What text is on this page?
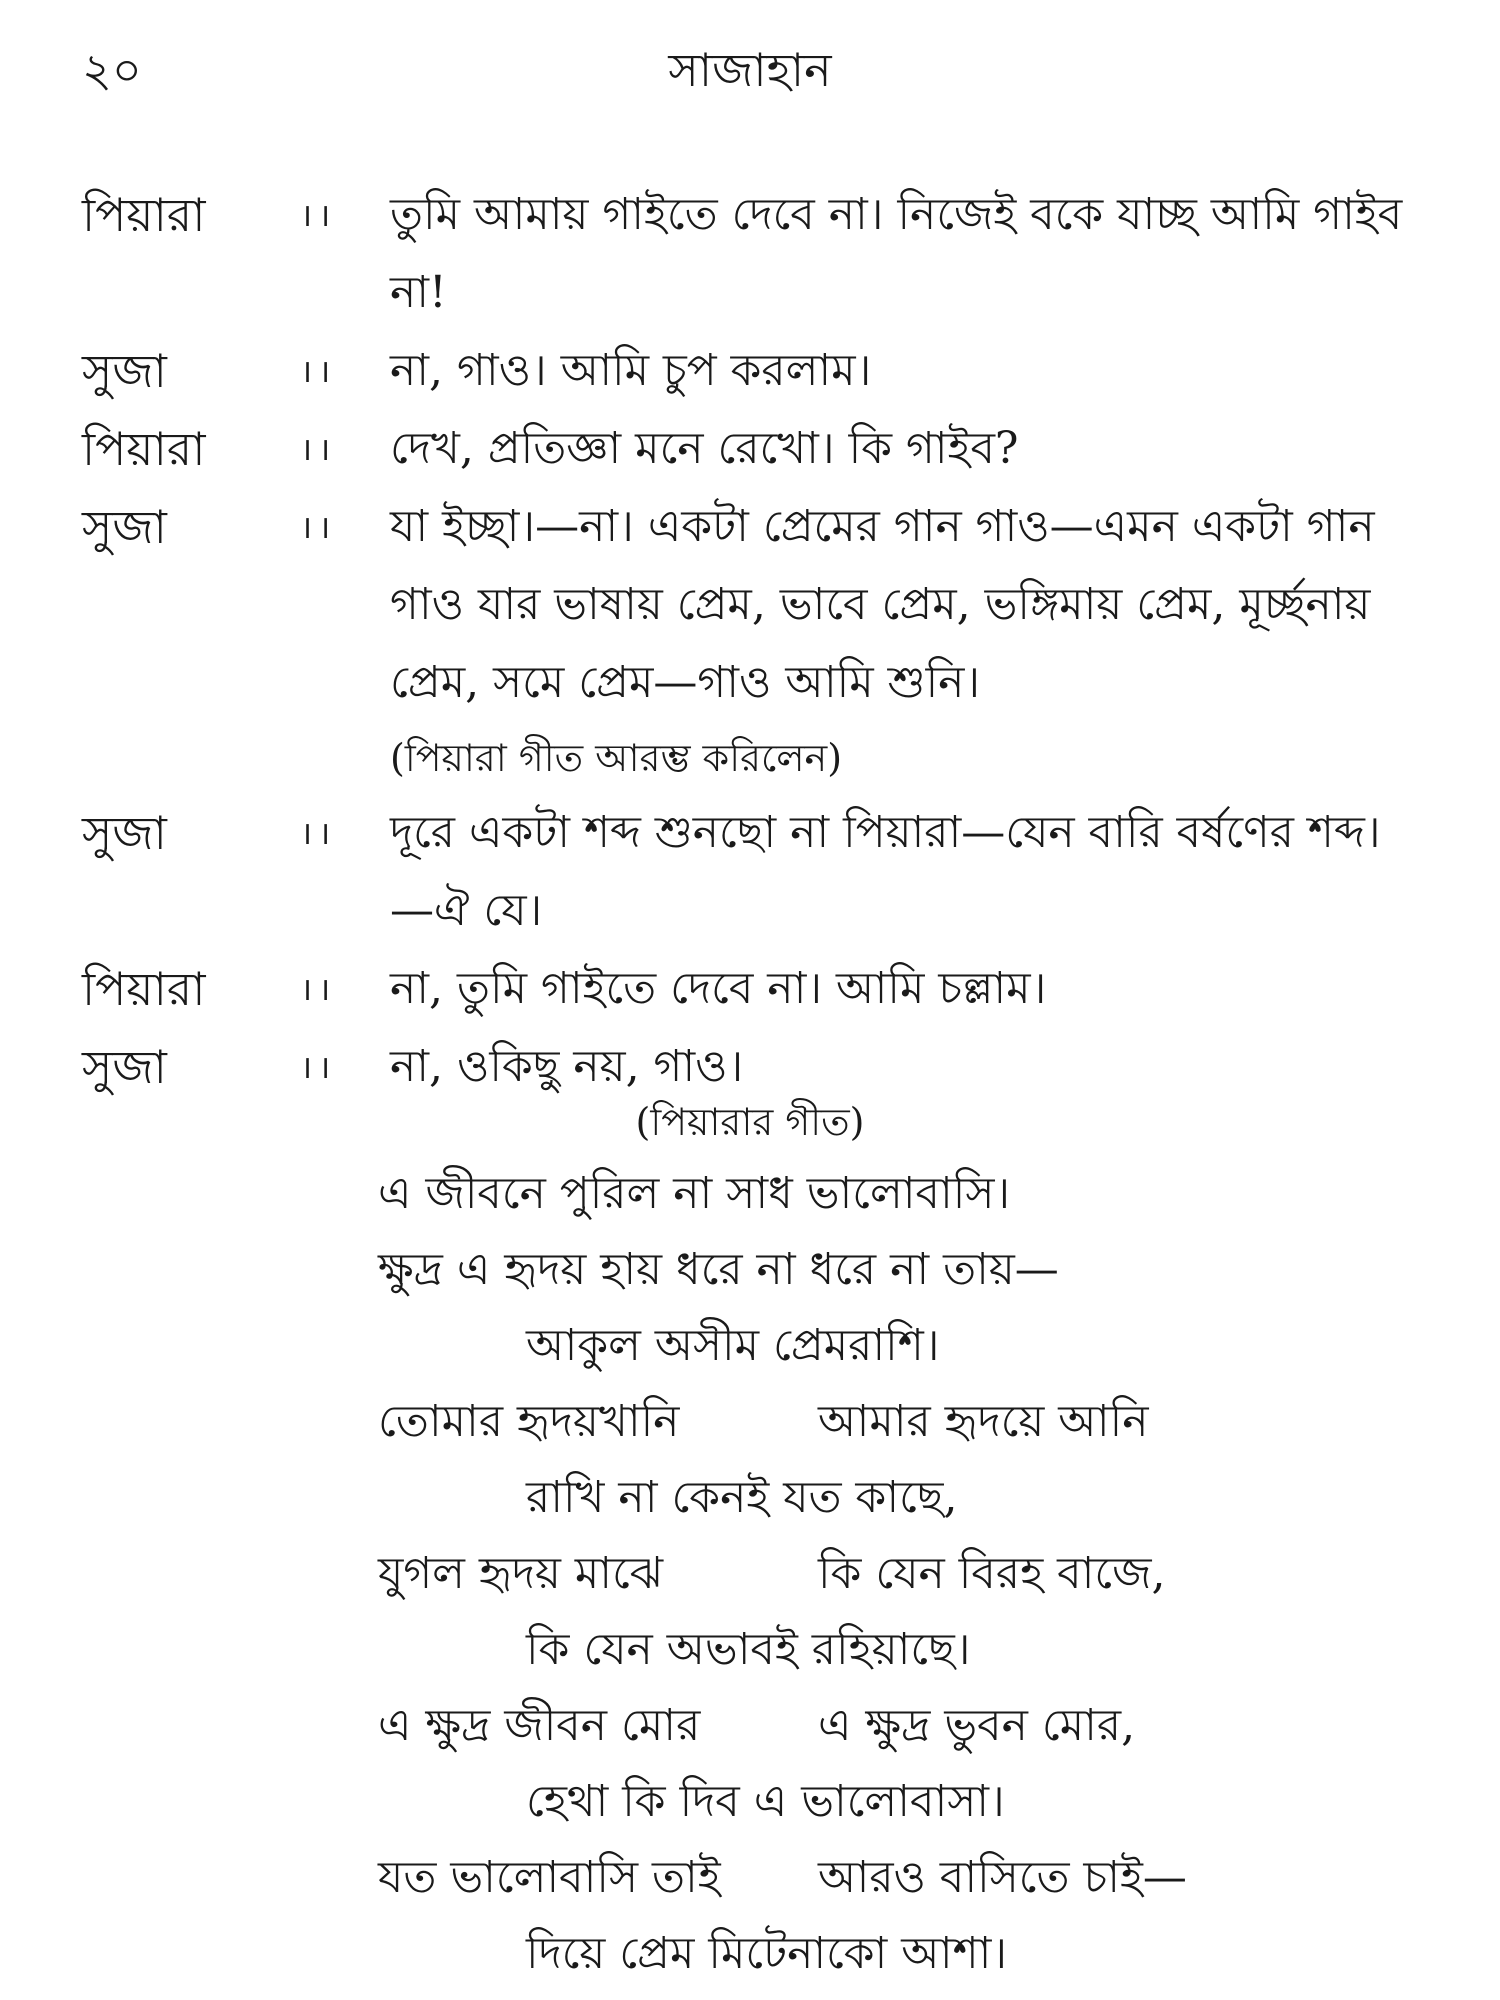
২০	সাজাহান
পিয়ারা	।।	তুমি আমায় গাইতে দেবে না। নিজেই বকে যাচ্ছ আমি গাইব
না!
সুজা	।।	না, গাও। আমি চুপ করলাম।
পিয়ারা	।।	দেখ, প্রতিজ্ঞা মনে রেখো। কি গাইব?
সুজা	।।	যা ইচ্ছা।—না। একটা প্রেমের গান গাও—এমন একটা গান
গাও যার ভাষায় প্রেম, ভাবে প্রেম, ভঙ্গিমায় প্রেম, মূর্চ্ছনায়
প্রেম, সমে প্রেম—গাও আমি শুনি।
(পিয়ারা গীত আরম্ভ করিলেন)
সুজা	।।	দূরে একটা শব্দ শুনছো না পিয়ারা—যেন বারি বর্ষণের শব্দ।
—ঐ যে।
পিয়ারা	।।	না, তুমি গাইতে দেবে না। আমি চল্লাম।
সুজা	।।	না, ওকিছু নয়, গাও।
(পিয়ারার গীত)
এ জীবনে পুরিল না সাধ ভালোবাসি।
ক্ষুদ্র এ হৃদয় হায় ধরে না ধরে না তায়—
আকুল অসীম প্রেমরাশি।
তোমার হৃদয়খানি	আমার হৃদয়ে আনি
রাখি না কেনই যত কাছে,
যুগল হৃদয় মাঝে	কি যেন বিরহ বাজে,
কি যেন অভাবই রহিয়াছে।
এ ক্ষুদ্র জীবন মোর	এ ক্ষুদ্র ভুবন মোর,
হেথা কি দিব এ ভালোবাসা।
যত ভালোবাসি তাই আরও বাসিতে চাই—
দিয়ে প্রেম মিটেনাকো আশা।
